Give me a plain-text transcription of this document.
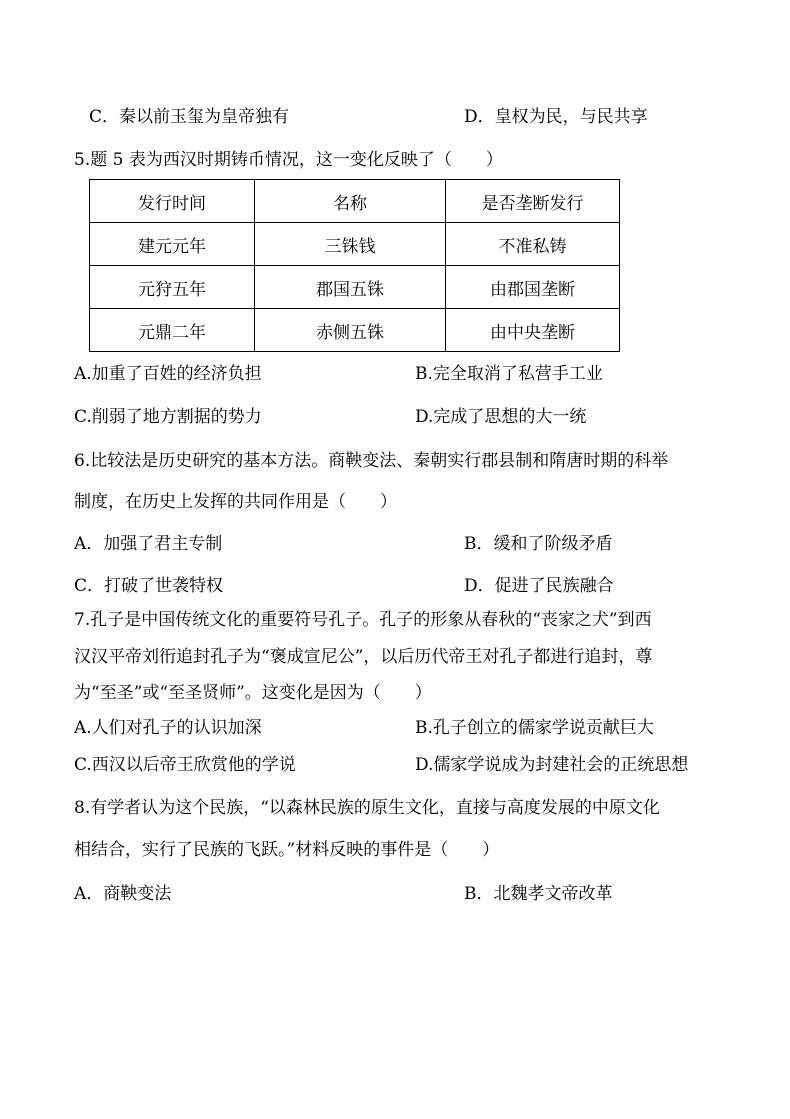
C．秦以前玉玺为皇帝独有	D．皇权为民，与民共享
5.题 5 表为西汉时期铸币情况，这一变化反映了（　　）
发行时间	名称	是否垄断发行
建元元年	三铢钱	不准私铸
元狩五年	郡国五铢	由郡国垄断
元鼎二年	赤侧五铢	由中央垄断
A.加重了百姓的经济负担	B.完全取消了私营手工业
C.削弱了地方割据的势力	D.完成了思想的大一统
6.比较法是历史研究的基本方法。商鞅变法、秦朝实行郡县制和隋唐时期的科举
制度，在历史上发挥的共同作用是（　　）
A．加强了君主专制	B．缓和了阶级矛盾
C．打破了世袭特权	D．促进了民族融合
7.孔子是中国传统文化的重要符号孔子。孔子的形象从春秋的“丧家之犬”到西
汉汉平帝刘衎追封孔子为“褒成宣尼公”，以后历代帝王对孔子都进行追封，尊
为“至圣”或“至圣贤师”。这变化是因为（　　）
A.人们对孔子的认识加深	B.孔子创立的儒家学说贡献巨大
C.西汉以后帝王欣赏他的学说	D.儒家学说成为封建社会的正统思想
8.有学者认为这个民族，“以森林民族的原生文化，直接与高度发展的中原文化
相结合，实行了民族的飞跃。”材料反映的事件是（　　）
A．商鞅变法	B．北魏孝文帝改革
